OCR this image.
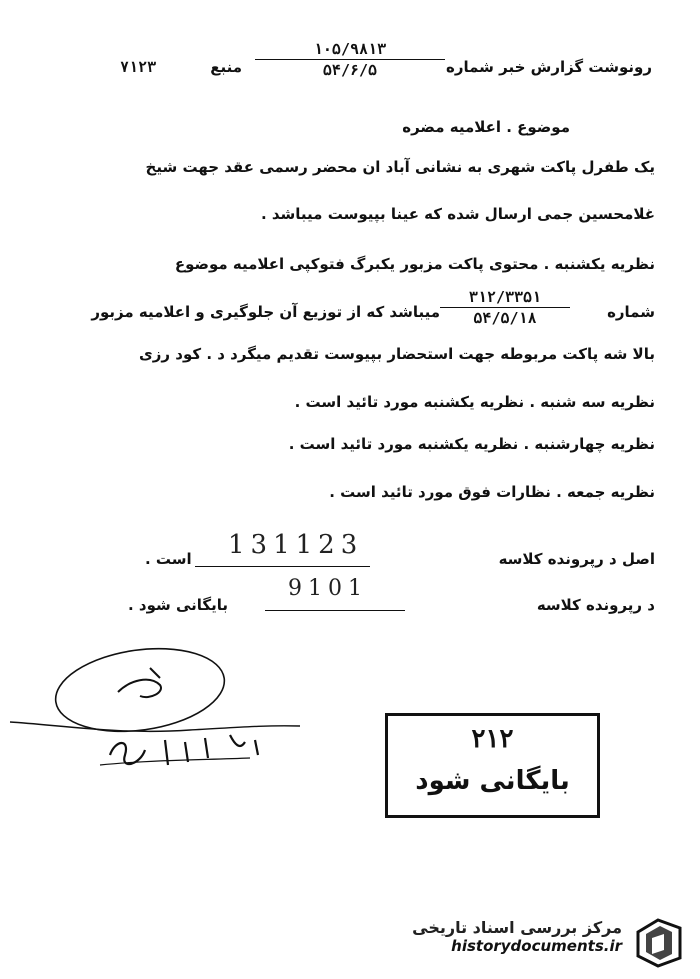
رونوشت گزارش خبر شماره
۱۰۵/۹۸۱۳
۵۴/۶/۵
منبع
۷۱۲۳
موضوع . اعلامیه مضره
یک طفرل پاکت شهری به نشانی آباد ان محضر رسمی عقد جهت شیخ
غلامحسین جمی ارسال شده که عینا بپیوست میباشد .
نظریه یکشنبه . محتوی پاکت مزبور یکبرگ فتوکپی اعلامیه موضوع
شماره
۳۱۲/۳۳۵۱
۵۴/۵/۱۸
میباشد که از توزیع آن جلوگیری و اعلامیه مزبور
بالا شه پاکت مربوطه جهت استحضار بپیوست تقدیم میگرد د . کود رزی
نظریه سه شنبه . نظریه یکشنبه مورد تائید است .
نظریه چهارشنبه . نظریه یکشنبه مورد تائید است .
نظریه جمعه . نظارات فوق مورد تائید است .
اصل د رپرونده کلاسه
131123
است .
د رپرونده کلاسه
9101
بایگانی شود .
۲۱۲
بایگانی شود
مرکز بررسی اسناد تاریخی
historydocuments.ir
